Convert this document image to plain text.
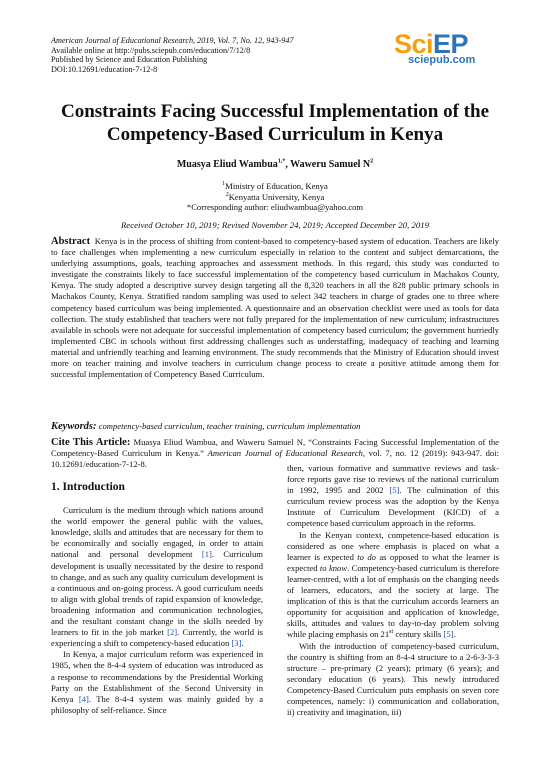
American Journal of Educational Research, 2019, Vol. 7, No. 12, 943-947
Available online at http://pubs.sciepub.com/education/7/12/8
Published by Science and Education Publishing
DOI:10.12691/education-7-12-8
Sci EP
sciepub.com
Constraints Facing Successful Implementation of the Competency-Based Curriculum in Kenya
Muasya Eliud Wambua$^{1,*}$, Waweru Samuel $N^2$
$^1$Ministry of Education, Kenya
$^2$Kenyatta University, Kenya
*Corresponding author: eliudwambua@yahoo.com
Received October 10, 2019; Revised November 24, 2019; Accepted December 20, 2019
Abstract Kenya is in the process of shifting from content-based to competency-based system of education. Teachers are likely to face challenges when implementing a new curriculum especially in relation to the content and subject demarcations, the underlying assumptions, goals, teaching approaches and assessment methods. In this regard, this study was conducted to investigate the constraints likely to face successful implementation of the competency based curriculum in Machakos County, Kenya. The study adopted a descriptive survey design targeting all the 8,320 teachers in all the 828 public primary schools in Machakos County, Kenya. Stratified random sampling was used to select 342 teachers in charge of grades one to three where competency based curriculum was being implemented. A questionnaire and an observation checklist were used as tools for data collection. The study established that teachers were not fully prepared for the implementation of new curriculum; infrastructures available in schools were not adequate for successful implementation of competency based curriculum; the government hurriedly implemented CBC in schools without first addressing challenges such as understaffing, inadequacy of teaching and learning material and unfriendly teaching and learning environment. The study recommends that the Ministry of Education should invest more on teacher training and involve teachers in curriculum change process to create a positive attitude among them for successful implementation of Competency Based Curriculum.
Keywords: competency-based curriculum, teacher training, curriculum implementation
Cite This Article: Muasya Eliud Wambua, and Waweru Samuel N, “Constraints Facing Successful Implementation of the Competency-Based Curriculum in Kenya.” American Journal of Educational Research, vol. 7, no. 12 (2019): 943-947. doi: 10.12691/education-7-12-8.
1. Introduction

Curriculum is the medium through which nations around the world empower the general public with the values, knowledge, skills and attitudes that are necessary for them to be economically and socially engaged, in order to attain national and personal development [1]. Curriculum development is usually necessitated by the desire to respond to change, and as such any quality curriculum development is a continuous and on-going process. A good curriculum needs to align with global trends of rapid expansion of knowledge, broadening information and communication technologies, and the resultant constant change in the skills needed by learners to fit in the job market [2]. Currently, the world is experiencing a shift to competency-based education [3].

In Kenya, a major curriculum reform was experienced in 1985, when the 8-4-4 system of education was introduced as a response to recommendations by the Presidential Working Party on the Establishment of the Second University in Kenya [4]. The 8-4-4 system was mainly guided by a philosophy of self-reliance. Since

then, various formative and summative reviews and task-force reports gave rise to reviews of the national curriculum in 1992, 1995 and 2002 [5]. The culmination of this curriculum review process was the adoption by the Kenya Institute of Curriculum Development (KICD) of a competence based curriculum approach in the reforms.

In the Kenyan context, competence-based education is considered as one where emphasis is placed on what a learner is expected to do as opposed to what the learner is expected to know. Competency-based curriculum is therefore learner-centred, with a lot of emphasis on the changing needs of learners, educators, and the society at large. The implication of this is that the curriculum accords learners an opportunity for acquisition and application of knowledge, skills, attitudes and values to day-to-day problem solving while placing emphasis on 21st century skills [5].

With the introduction of competency-based curriculum, the country is shifting from an 8-4-4 structure to a 2-6-3-3-3 structure – pre-primary (2 years); primary (6 years); and secondary education (6 years). This newly introduced Competency-Based Curriculum puts emphasis on seven core competences, namely: i) communication and collaboration, ii) creativity and imagination, iii)
